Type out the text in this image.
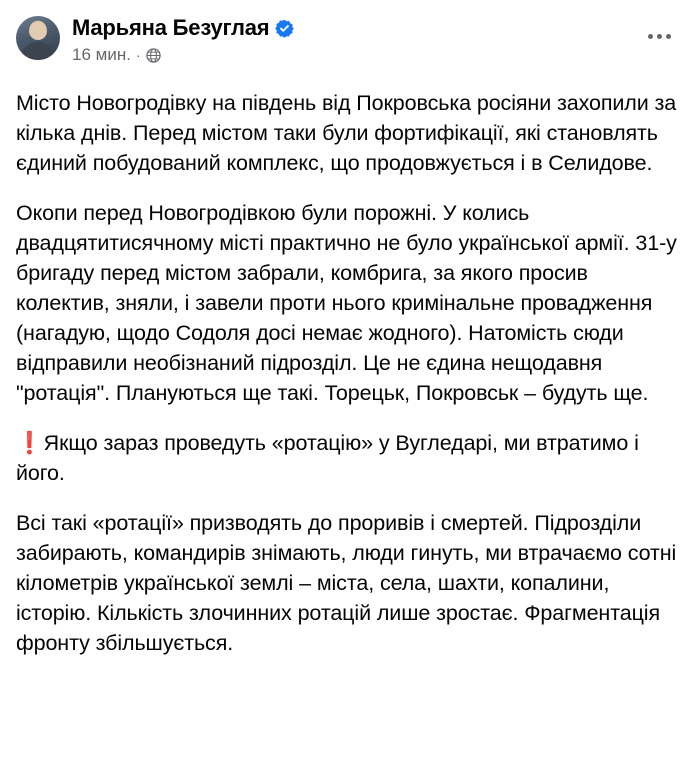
Марьяна Безуглая
16 мин. ·

Місто Новогродівку на південь від Покровська росіяни захопили за кілька днів. Перед містом таки були фортифікації, які становлять єдиний побудований комплекс, що продовжується і в Селидове.

Окопи перед Новогродівкою були порожні. У колись двадцятитисячному місті практично не було української армії. 31-у бригаду перед містом забрали, комбрига, за якого просив колектив, зняли, і завели проти нього кримінальне провадження (нагадую, щодо Содоля досі немає жодного). Натомість сюди відправили необізнаний підрозділ. Це не єдина нещодавня "ротація". Плануються ще такі. Торецьк, Покровськ – будуть ще.

❗Якщо зараз проведуть «ротацію» у Вугледарі, ми втратимо і його.

Всі такі «ротації» призводять до проривів і смертей. Підрозділи забирають, командирів знімають, люди гинуть, ми втрачаємо сотні кілометрів української землі – міста, села, шахти, копалини, історію. Кількість злочинних ротацій лише зростає. Фрагментація фронту збільшується.
